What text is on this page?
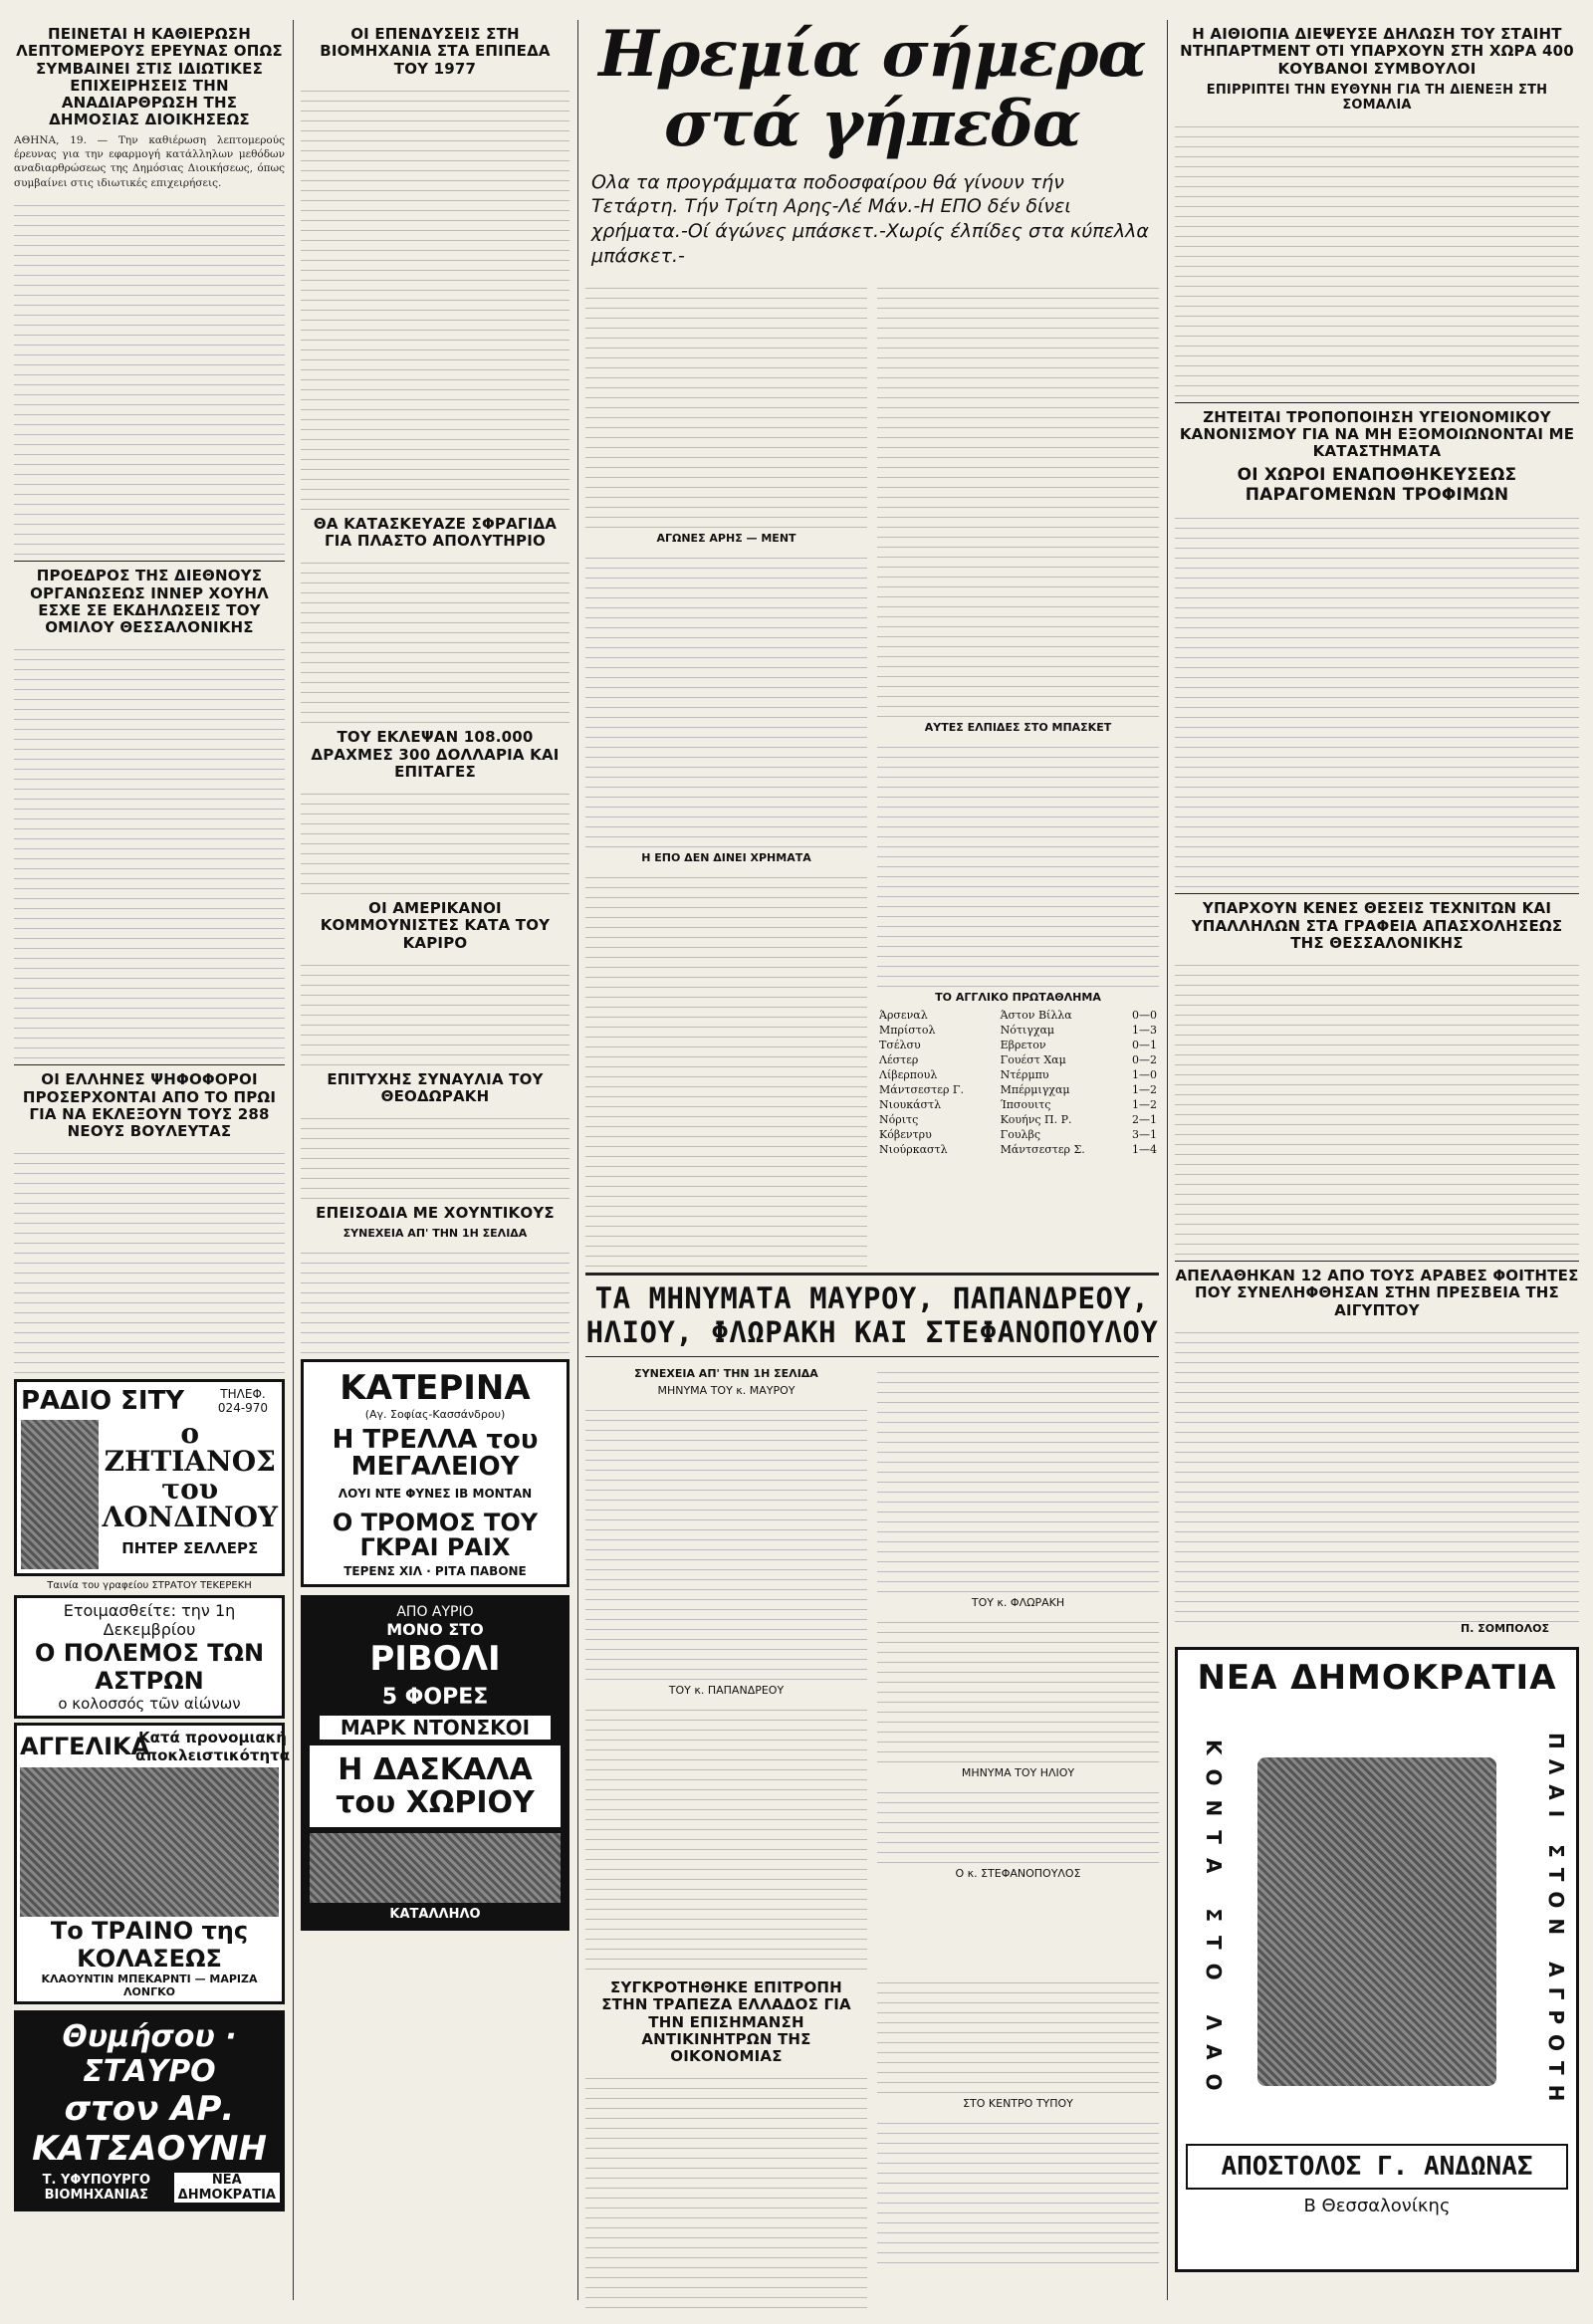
ΠΕΙΝΕΤΑΙ Η ΚΑΘΙΕΡΩΣΗ ΛΕΠΤΟΜΕΡΟΥΣ ΕΡΕΥΝΑΣ ΟΠΩΣ ΣΥΜΒΑΙΝΕΙ ΣΤΙΣ ΙΔΙΩΤΙΚΕΣ ΕΠΙΧΕΙΡΗΣΕΙΣ ΤΗΝ ΑΝΑΔΙΑΡΘΡΩΣΗ ΤΗΣ ΔΗΜΟΣΙΑΣ ΔΙΟΙΚΗΣΕΩΣ

ΑΘΗΝΑ, 19. — Την καθιέρωση λεπτομερούς έρευνας για την εφαρμογή κατάλληλων μεθόδων αναδιαρθρώσεως της Δημόσιας Διοικήσεως, όπως συμβαίνει στις ιδιωτικές επιχειρήσεις.

ΠΡΟΕΔΡΟΣ ΤΗΣ ΔΙΕΘΝΟΥΣ ΟΡΓΑΝΩΣΕΩΣ ΙΝΝΕΡ ΧΟΥΗΛ ΕΣΧΕ ΣΕ ΕΚΔΗΛΩΣΕΙΣ ΤΟΥ ΟΜΙΛΟΥ ΘΕΣΣΑΛΟΝΙΚΗΣ
ΟΙ ΕΛΛΗΝΕΣ ΨΗΦΟΦΟΡΟΙ ΠΡΟΣΕΡΧΟΝΤΑΙ ΑΠΟ ΤΟ ΠΡΩΙ ΓΙΑ ΝΑ ΕΚΛΕΞΟΥΝ ΤΟΥΣ 288 ΝΕΟΥΣ ΒΟΥΛΕΥΤΑΣ
ΡΑΔΙΟ ΣΙΤΥ	ΤΗΛΕΦ. 024-970
ο ΖΗΤΙΑΝΟΣ του ΛΟΝΔΙΝΟΥ
ΠΗΤΕΡ ΣΕΛΛΕΡΣ
Ταινία του γραφείου ΣΤΡΑΤΟΥ ΤΕΚΕΡΕΚΗ
Ετοιμασθείτε: την 1η Δεκεμβρίου
Ο ΠΟΛΕΜΟΣ ΤΩΝ ΑΣΤΡΩΝ
ο κολοσσός τῶν αἰώνων
ΑΓΓΕΛΙΚΑ
Κατά προνομιακή αποκλειστικότητα
Το ΤΡΑΙΝΟ της ΚΟΛΑΣΕΩΣ
ΚΛΑΟΥΝΤΙΝ ΜΠΕΚΑΡΝΤΙ — ΜΑΡΙΖΑ ΛΟΝΓΚΟ
Θυμήσου · ΣΤΑΥΡΟ
στον ΑΡ. ΚΑΤΣΑΟΥΝΗ
Τ. ΥΦΥΠΟΥΡΓΟ ΒΙΟΜΗΧΑΝΙΑΣ
ΝΕΑ ΔΗΜΟΚΡΑΤΙΑ
ΟΙ ΕΠΕΝΔΥΣΕΙΣ ΣΤΗ ΒΙΟΜΗΧΑΝΙΑ ΣΤΑ ΕΠΙΠΕΔΑ ΤΟΥ 1977
ΘΑ ΚΑΤΑΣΚΕΥΑΖΕ ΣΦΡΑΓΙΔΑ ΓΙΑ ΠΛΑΣΤΟ ΑΠΟΛΥΤΗΡΙΟ
ΤΟΥ ΕΚΛΕΨΑΝ 108.000 ΔΡΑΧΜΕΣ 300 ΔΟΛΛΑΡΙΑ ΚΑΙ ΕΠΙΤΑΓΕΣ
ΟΙ ΑΜΕΡΙΚΑΝΟΙ ΚΟΜΜΟΥΝΙΣΤΕΣ ΚΑΤΑ ΤΟΥ ΚΑΡΙΡΟ
ΕΠΙΤΥΧΗΣ ΣΥΝΑΥΛΙΑ ΤΟΥ ΘΕΟΔΩΡΑΚΗ
ΕΠΕΙΣΟΔΙΑ ΜΕ ΧΟΥΝΤΙΚΟΥΣ
ΣΥΝΕΧΕΙΑ ΑΠ' ΤΗΝ 1Η ΣΕΛΙΔΑ
ΚΑΤΕΡΙΝΑ
(Αγ. Σοφίας-Κασσάνδρου)
Η ΤΡΕΛΛΑ του ΜΕΓΑΛΕΙΟΥ
ΛΟΥΙ ΝΤΕ ΦΥΝΕΣ ΙΒ ΜΟΝΤΑΝ
Ο ΤΡΟΜΟΣ ΤΟΥ ΓΚΡΑΙ ΡΑΙΧ
ΤΕΡΕΝΣ ΧΙΛ · ΡΙΤΑ ΠΑΒΟΝΕ
ΑΠΟ ΑΥΡΙΟ
ΜΟΝΟ ΣΤΟ
ΡΙΒΟΛΙ
5 ΦΟΡΕΣ
ΜΑΡΚ ΝΤΟΝΣΚΟΙ
Η ΔΑΣΚΑΛΑ του ΧΩΡΙΟΥ
ΚΑΤΑΛΛΗΛΟ
Ηρεμία σήμερα στά γήπεδα
Ολα τα προγράμματα ποδοσφαίρου θά γίνουν τήν Τετάρτη. Τήν Τρίτη Αρης-Λέ Μάν.-Η ΕΠΟ δέν δίνει χρήματα.-Οί άγώνες μπάσκετ.-Χωρίς έλπίδες στα κύπελλα μπάσκετ.-
ΑΓΩΝΕΣ ΑΡΗΣ — ΜΕΝΤ
Η ΕΠΟ ΔΕΝ ΔΙΝΕΙ ΧΡΗΜΑΤΑ
ΑΥΤΕΣ ΕΛΠΙΔΕΣ ΣΤΟ ΜΠΑΣΚΕΤ
ΤΟ ΑΓΓΛΙΚΟ ΠΡΩΤΑΘΛΗΜΑ
Άρσεναλ	Άστον Βίλλα	0—0
Μπρίστολ	Νότιγχαμ	1—3
Τσέλσυ	Εβρετον	0—1
Λέστερ	Γουέστ Χαμ	0—2
Λίβερπουλ	Ντέρμπυ	1—0
Μάντσεστερ Γ.	Μπέρμιγχαμ	1—2
Νιουκάστλ	Ίπσουιτς	1—2
Νόριτς	Κουήνς Π. Ρ.	2—1
Κόβεντρυ	Γουλβς	3—1
Νιούρκαστλ	Μάντσεστερ Σ.	1—4
ΤΑ ΜΗΝΥΜΑΤΑ ΜΑΥΡΟΥ, ΠΑΠΑΝΔΡΕΟΥ, ΗΛΙΟΥ, ΦΛΩΡΑΚΗ ΚΑΙ ΣΤΕΦΑΝΟΠΟΥΛΟΥ
ΣΥΝΕΧΕΙΑ ΑΠ' ΤΗΝ 1Η ΣΕΛΙΔΑ
ΜΗΝΥΜΑ ΤΟΥ κ. ΜΑΥΡΟΥ
ΤΟΥ κ. ΠΑΠΑΝΔΡΕΟΥ
ΤΟΥ κ. ΦΛΩΡΑΚΗ
ΜΗΝΥΜΑ ΤΟΥ ΗΛΙΟΥ
Ο κ. ΣΤΕΦΑΝΟΠΟΥΛΟΣ
ΣΥΓΚΡΟΤΗΘΗΚΕ ΕΠΙΤΡΟΠΗ ΣΤΗΝ ΤΡΑΠΕΖΑ ΕΛΛΑΔΟΣ ΓΙΑ ΤΗΝ ΕΠΙΣΗΜΑΝΣΗ ΑΝΤΙΚΙΝΗΤΡΩΝ ΤΗΣ ΟΙΚΟΝΟΜΙΑΣ
ΣΤΟ ΚΕΝΤΡΟ ΤΥΠΟΥ
Η ΑΙΘΙΟΠΙΑ ΔΙΕΨΕΥΣΕ ΔΗΛΩΣΗ ΤΟΥ ΣΤΑΙΗΤ ΝΤΗΠΑΡΤΜΕΝΤ ΟΤΙ ΥΠΑΡΧΟΥΝ ΣΤΗ ΧΩΡΑ 400 ΚΟΥΒΑΝΟΙ ΣΥΜΒΟΥΛΟΙ
ΕΠΙΡΡΙΠΤΕΙ ΤΗΝ ΕΥΘΥΝΗ ΓΙΑ ΤΗ ΔΙΕΝΕΞΗ ΣΤΗ ΣΟΜΑΛΙΑ
ΖΗΤΕΙΤΑΙ ΤΡΟΠΟΠΟΙΗΣΗ ΥΓΕΙΟΝΟΜΙΚΟΥ ΚΑΝΟΝΙΣΜΟΥ ΓΙΑ ΝΑ ΜΗ ΕΞΟΜΟΙΩΝΟΝΤΑΙ ΜΕ ΚΑΤΑΣΤΗΜΑΤΑ
ΟΙ ΧΩΡΟΙ ΕΝΑΠΟΘΗΚΕΥΣΕΩΣ ΠΑΡΑΓΟΜΕΝΩΝ ΤΡΟΦΙΜΩΝ
ΥΠΑΡΧΟΥΝ ΚΕΝΕΣ ΘΕΣΕΙΣ ΤΕΧΝΙΤΩΝ ΚΑΙ ΥΠΑΛΛΗΛΩΝ ΣΤΑ ΓΡΑΦΕΙΑ ΑΠΑΣΧΟΛΗΣΕΩΣ ΤΗΣ ΘΕΣΣΑΛΟΝΙΚΗΣ
ΑΠΕΛΑΘΗΚΑΝ 12 ΑΠΟ ΤΟΥΣ ΑΡΑΒΕΣ ΦΟΙΤΗΤΕΣ ΠΟΥ ΣΥΝΕΛΗΦΘΗΣΑΝ ΣΤΗΝ ΠΡΕΣΒΕΙΑ ΤΗΣ ΑΙΓΥΠΤΟΥ
Π. ΣΟΜΠΟΛΟΣ
ΝΕΑ ΔΗΜΟΚΡΑΤΙΑ
ΚΟΝΤΑ ΣΤΟ ΛΑΟ	ΠΛΑΙ ΣΤΟΝ ΑΓΡΟΤΗ
ΑΠΟΣΤΟΛΟΣ Γ. ΑΝΔΩΝΑΣ
Β Θεσσαλονίκης
